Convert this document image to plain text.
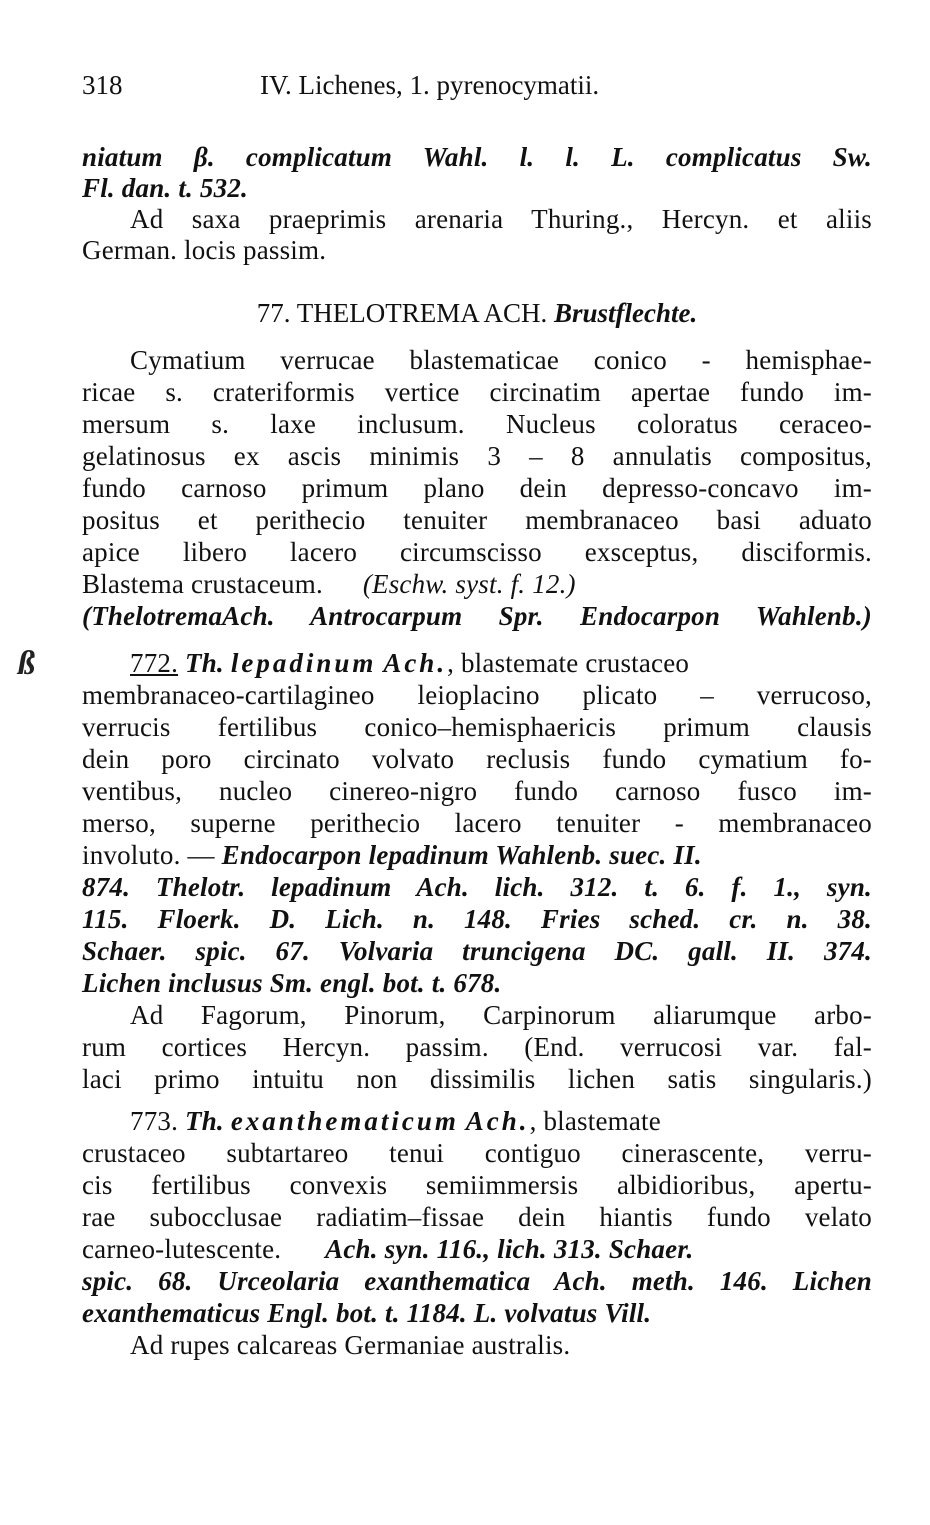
318	IV. Lichenes, 1. pyrenocymatii.
niatum β. complicatum Wahl. l. l. L. complicatus Sw.
Fl. dan. t. 532.
Ad saxa praeprimis arenaria Thuring., Hercyn. et aliis
German. locis passim.
77. THELOTREMA ACH. Brustflechte.
Cymatium verrucae blastematicae conico - hemisphae-
ricae s. crateriformis vertice circinatim apertae fundo im-
mersum s. laxe inclusum. Nucleus coloratus ceraceo-
gelatinosus ex ascis minimis 3 – 8 annulatis compositus,
fundo carnoso primum plano dein depresso-concavo im-
positus et perithecio tenuiter membranaceo basi aduato
apice libero lacero circumscisso exsceptus, disciformis.
Blastema crustaceum. (Eschw. syst. f. 12.)
(ThelotremaAch. Antrocarpum Spr. Endocarpon Wahlenb.)
ß	772. Th. lepadinum Ach., blastemate crustaceo
membranaceo-cartilagineo leioplacino plicato – verrucoso,
verrucis fertilibus conico–hemisphaericis primum clausis
dein poro circinato volvato reclusis fundo cymatium fo-
ventibus, nucleo cinereo-nigro fundo carnoso fusco im-
merso, superne perithecio lacero tenuiter - membranaceo
involuto. — Endocarpon lepadinum Wahlenb. suec. II.
874. Thelotr. lepadinum Ach. lich. 312. t. 6. f. 1., syn.
115. Floerk. D. Lich. n. 148. Fries sched. cr. n. 38.
Schaer. spic. 67. Volvaria truncigena DC. gall. II. 374.
Lichen inclusus Sm. engl. bot. t. 678.
Ad Fagorum, Pinorum, Carpinorum aliarumque arbo-
rum cortices Hercyn. passim. (End. verrucosi var. fal-
laci primo intuitu non dissimilis lichen satis singularis.)
773. Th. exanthematicum Ach., blastemate
crustaceo subtartareo tenui contiguo cinerascente, verru-
cis fertilibus convexis semiimmersis albidioribus, apertu-
rae subocclusae radiatim–fissae dein hiantis fundo velato
carneo-lutescente. Ach. syn. 116., lich. 313. Schaer.
spic. 68. Urceolaria exanthematica Ach. meth. 146. Lichen
exanthematicus Engl. bot. t. 1184. L. volvatus Vill.
Ad rupes calcareas Germaniae australis.
